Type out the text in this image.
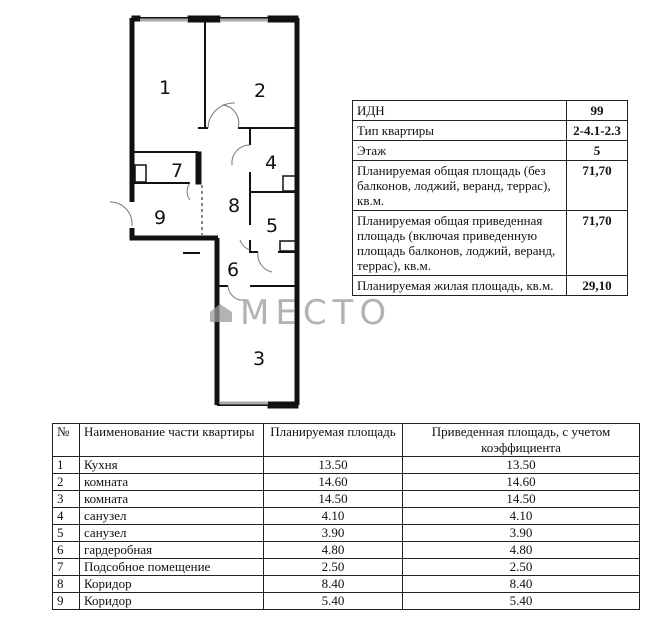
МЕСТО
1	2
3
4
5
6
7
8
9
ИДН	99
Тип квартиры	2-4.1-2.3
Этаж	5
Планируемая общая площадь (без балконов, лоджий, веранд, террас), кв.м.	71,70
Планируемая общая приведенная площадь (включая приведенную площадь балконов, лоджий, веранд, террас), кв.м.	71,70
Планируемая жилая площадь, кв.м.	29,10
№	Наименование части квартиры	Планируемая площадь	Приведенная площадь, с учетом коэффициента
1	Кухня	13.50	13.50
2	комната	14.60	14.60
3	комната	14.50	14.50
4	санузел	4.10	4.10
5	санузел	3.90	3.90
6	гардеробная	4.80	4.80
7	Подсобное помещение	2.50	2.50
8	Коридор	8.40	8.40
9	Коридор	5.40	5.40
